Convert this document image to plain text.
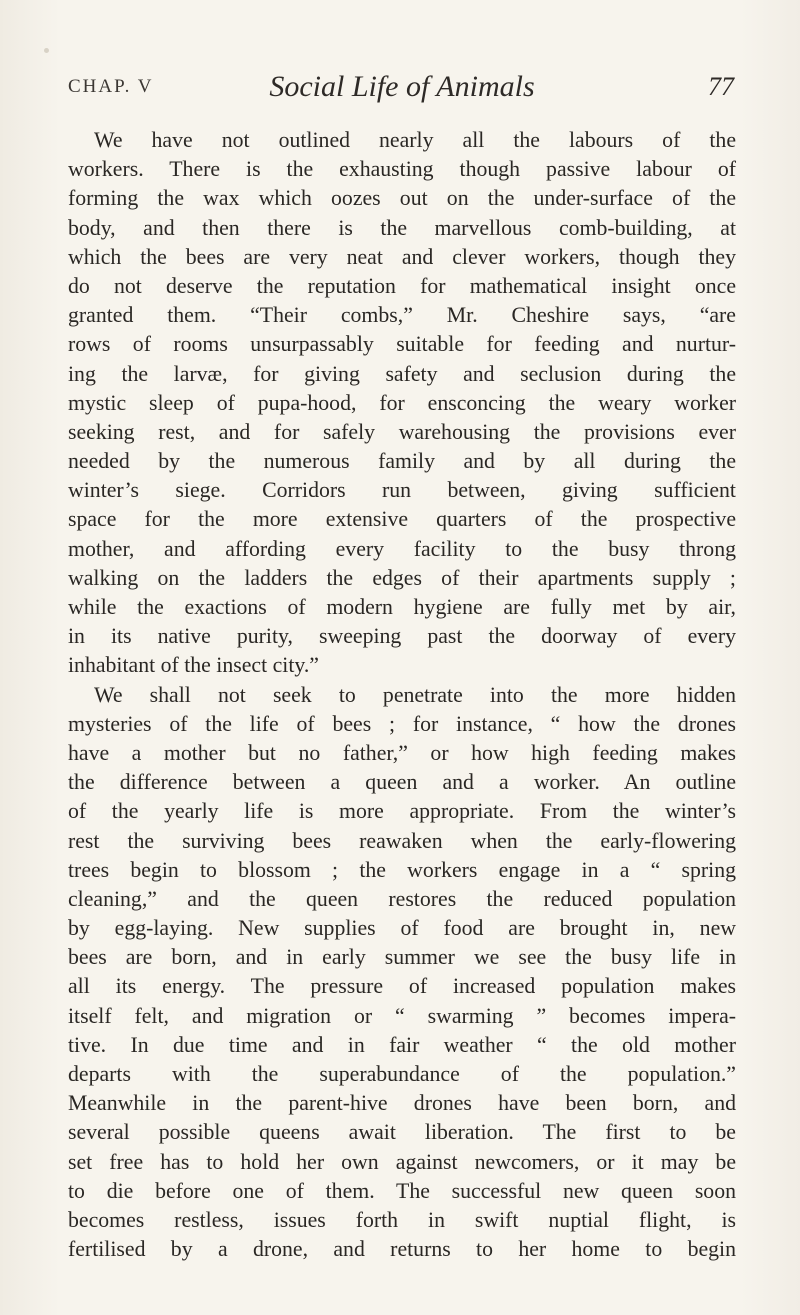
CHAP. V	Social Life of Animals	77
We have not outlined nearly all the labours of the
workers. There is the exhausting though passive labour of
forming the wax which oozes out on the under-surface of the
body, and then there is the marvellous comb-building, at
which the bees are very neat and clever workers, though they
do not deserve the reputation for mathematical insight once
granted them. “Their combs,” Mr. Cheshire says, “are
rows of rooms unsurpassably suitable for feeding and nurtur-
ing the larvæ, for giving safety and seclusion during the
mystic sleep of pupa-hood, for ensconcing the weary worker
seeking rest, and for safely warehousing the provisions ever
needed by the numerous family and by all during the
winter’s siege. Corridors run between, giving sufficient
space for the more extensive quarters of the prospective
mother, and affording every facility to the busy throng
walking on the ladders the edges of their apartments supply ;
while the exactions of modern hygiene are fully met by air,
in its native purity, sweeping past the doorway of every
inhabitant of the insect city.”
We shall not seek to penetrate into the more hidden
mysteries of the life of bees ; for instance, “ how the drones
have a mother but no father,” or how high feeding makes
the difference between a queen and a worker. An outline
of the yearly life is more appropriate. From the winter’s
rest the surviving bees reawaken when the early-flowering
trees begin to blossom ; the workers engage in a “ spring
cleaning,” and the queen restores the reduced population
by egg-laying. New supplies of food are brought in, new
bees are born, and in early summer we see the busy life in
all its energy. The pressure of increased population makes
itself felt, and migration or “ swarming ” becomes impera-
tive. In due time and in fair weather “ the old mother
departs with the superabundance of the population.”
Meanwhile in the parent-hive drones have been born, and
several possible queens await liberation. The first to be
set free has to hold her own against newcomers, or it may be
to die before one of them. The successful new queen soon
becomes restless, issues forth in swift nuptial flight, is
fertilised by a drone, and returns to her home to begin
